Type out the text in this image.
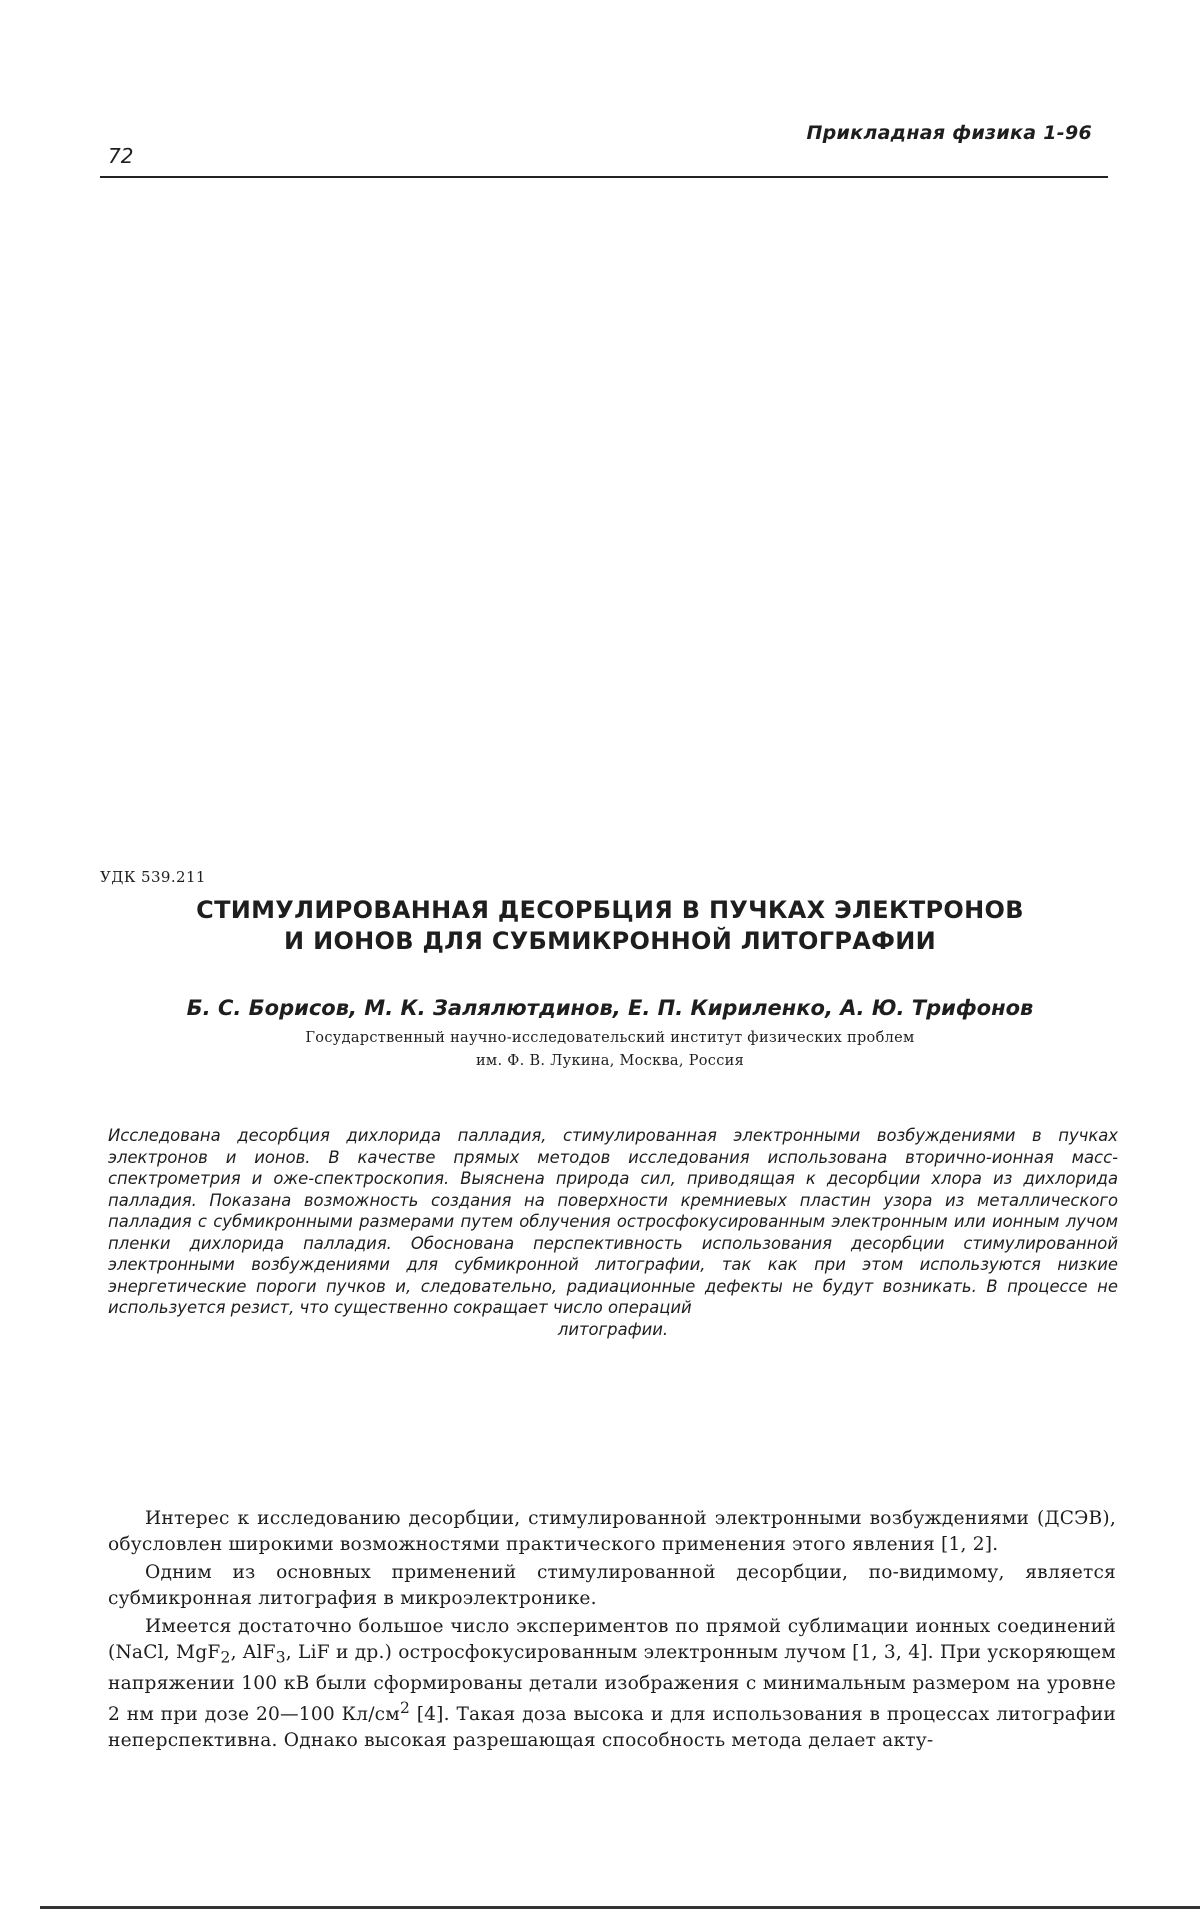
Прикладная физика 1-96
72
УДК 539.211
СТИМУЛИРОВАННАЯ ДЕСОРБЦИЯ В ПУЧКАХ ЭЛЕКТРОНОВ
И ИОНОВ ДЛЯ СУБМИКРОННОЙ ЛИТОГРАФИИ
Б. С. Борисов, М. К. Залялютдинов, Е. П. Кириленко, А. Ю. Трифонов
Государственный научно-исследовательский институт физических проблем
им. Ф. В. Лукина, Москва, Россия
Исследована десорбция дихлорида палладия, стимулированная электронными возбуждениями в пучках электронов и ионов. В качестве прямых методов исследования использована вторично-ионная масс-спектрометрия и оже-спектроскопия. Выяснена природа сил, приводящая к десорбции хлора из дихлорида палладия. Показана возможность создания на поверхности кремниевых пластин узора из металлического палладия с субмикронными размерами путем облучения остросфокусированным электронным или ионным лучом пленки дихлорида палладия. Обоснована перспективность использования десорбции стимулированной электронными возбуждениями для субмикронной литографии, так как при этом используются низкие энергетические пороги пучков и, следовательно, радиационные дефекты не будут возникать. В процессе не используется резист, что существенно сокращает число операций
литографии.

Интерес к исследованию десорбции, стимулированной электронными возбуждениями (ДСЭВ), обусловлен широкими возможностями практического применения этого явления [1, 2].

Одним из основных применений стимулированной десорбции, по-видимому, является субмикронная литография в микроэлектронике.

Имеется достаточно большое число экспериментов по прямой сублимации ионных соединений (NaCl, MgF$_2$, AlF$_3$, LiF и др.) остросфокусированным электронным лучом [1, 3, 4]. При ускоряющем напряжении 100 кВ были сформированы детали изображения с минимальным размером на уровне 2 нм при дозе 20—100 $Кл/см^2$ [4]. Такая доза высока и для использования в процессах литографии неперспективна. Однако высокая разрешающая способность метода делает акту-
